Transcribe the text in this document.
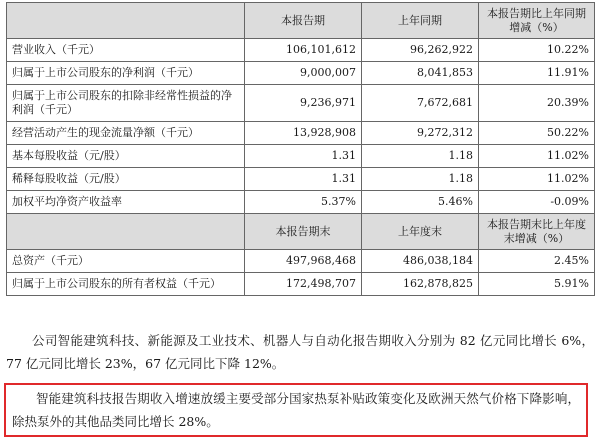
	本报告期	上年同期	本报告期比上年同期
增减（%）
营业收入（千元）	106,101,612	96,262,922	10.22%
归属于上市公司股东的净利润（千元）	9,000,007	8,041,853	11.91%
归属于上市公司股东的扣除非经常性损益的净利润（千元）	9,236,971	7,672,681	20.39%
经营活动产生的现金流量净额（千元）	13,928,908	9,272,312	50.22%
基本每股收益（元/股）	1.31	1.18	11.02%
稀释每股收益（元/股）	1.31	1.18	11.02%
加权平均净资产收益率	5.37%	5.46%	-0.09%
	本报告期末	上年度末	本报告期末比上年度
末增减（%）
总资产（千元）	497,968,468	486,038,184	2.45%
归属于上市公司股东的所有者权益（千元）	172,498,707	162,878,825	5.91%

公司智能建筑科技、新能源及工业技术、机器人与自动化报告期收入分别为 82 亿元同比增长 6%，77 亿元同比增长 23%，67 亿元同比下降 12%。

智能建筑科技报告期收入增速放缓主要受部分国家热泵补贴政策变化及欧洲天然气价格下降影响，除热泵外的其他品类同比增长 28%。
